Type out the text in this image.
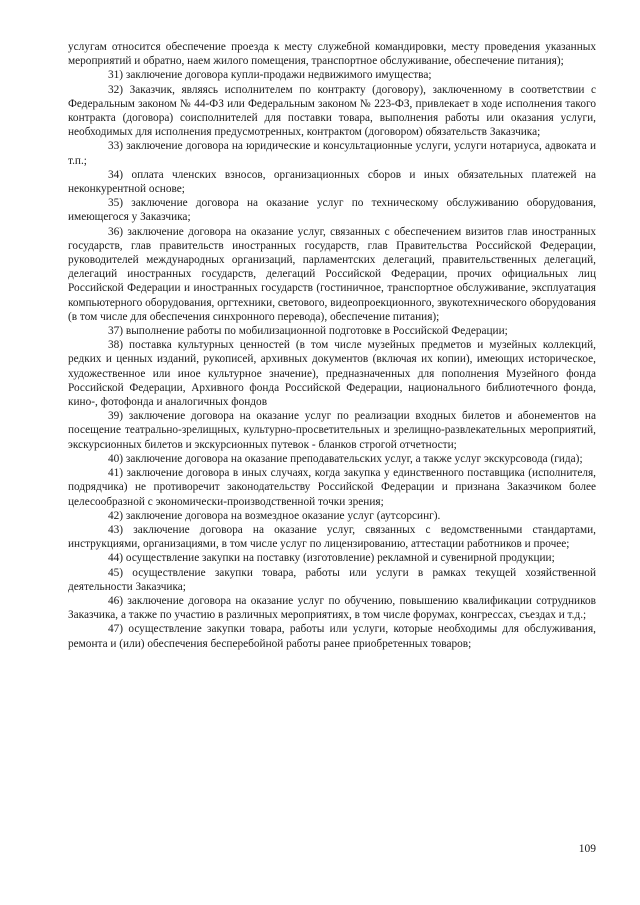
услугам относится обеспечение проезда к месту служебной командировки, месту проведения указанных мероприятий и обратно, наем жилого помещения, транспортное обслуживание, обеспечение питания);

31) заключение договора купли-продажи недвижимого имущества;

32) Заказчик, являясь исполнителем по контракту (договору), заключенному в соответствии с Федеральным законом № 44-ФЗ или Федеральным законом № 223-ФЗ, привлекает в ходе исполнения такого контракта (договора) соисполнителей для поставки товара, выполнения работы или оказания услуги, необходимых для исполнения предусмотренных, контрактом (договором) обязательств Заказчика;

33) заключение договора на юридические и консультационные услуги, услуги нотариуса, адвоката и т.п.;

34) оплата членских взносов, организационных сборов и иных обязательных платежей на неконкурентной основе;

35) заключение договора на оказание услуг по техническому обслуживанию оборудования, имеющегося у Заказчика;

36) заключение договора на оказание услуг, связанных с обеспечением визитов глав иностранных государств, глав правительств иностранных государств, глав Правительства Российской Федерации, руководителей международных организаций, парламентских делегаций, правительственных делегаций, делегаций иностранных государств, делегаций Российской Федерации, прочих официальных лиц Российской Федерации и иностранных государств (гостиничное, транспортное обслуживание, эксплуатация компьютерного оборудования, оргтехники, светового, видеопроекционного, звукотехнического оборудования (в том числе для обеспечения синхронного перевода), обеспечение питания);

37) выполнение работы по мобилизационной подготовке в Российской Федерации;

38) поставка культурных ценностей (в том числе музейных предметов и музейных коллекций, редких и ценных изданий, рукописей, архивных документов (включая их копии), имеющих историческое, художественное или иное культурное значение), предназначенных для пополнения Музейного фонда Российской Федерации, Архивного фонда Российской Федерации, национального библиотечного фонда, кино-, фотофонда и аналогичных фондов

39) заключение договора на оказание услуг по реализации входных билетов и абонементов на посещение театрально-зрелищных, культурно-просветительных и зрелищно-развлекательных мероприятий, экскурсионных билетов и экскурсионных путевок - бланков строгой отчетности;

40) заключение договора на оказание преподавательских услуг, а также услуг экскурсовода (гида);

41) заключение договора в иных случаях, когда закупка у единственного поставщика (исполнителя, подрядчика) не противоречит законодательству Российской Федерации и признана Заказчиком более целесообразной с экономически-производственной точки зрения;

42) заключение договора на возмездное оказание услуг (аутсорсинг).

43) заключение договора на оказание услуг, связанных с ведомственными стандартами, инструкциями, организациями, в том числе услуг по лицензированию, аттестации работников и прочее;

44) осуществление закупки на поставку (изготовление) рекламной и сувенирной продукции;

45) осуществление закупки товара, работы или услуги в рамках текущей хозяйственной деятельности Заказчика;

46) заключение договора на оказание услуг по обучению, повышению квалификации сотрудников Заказчика, а также по участию в различных мероприятиях, в том числе форумах, конгрессах, съездах и т.д.;

47) осуществление закупки товара, работы или услуги, которые необходимы для обслуживания, ремонта и (или) обеспечения бесперебойной работы ранее приобретенных товаров;

109
